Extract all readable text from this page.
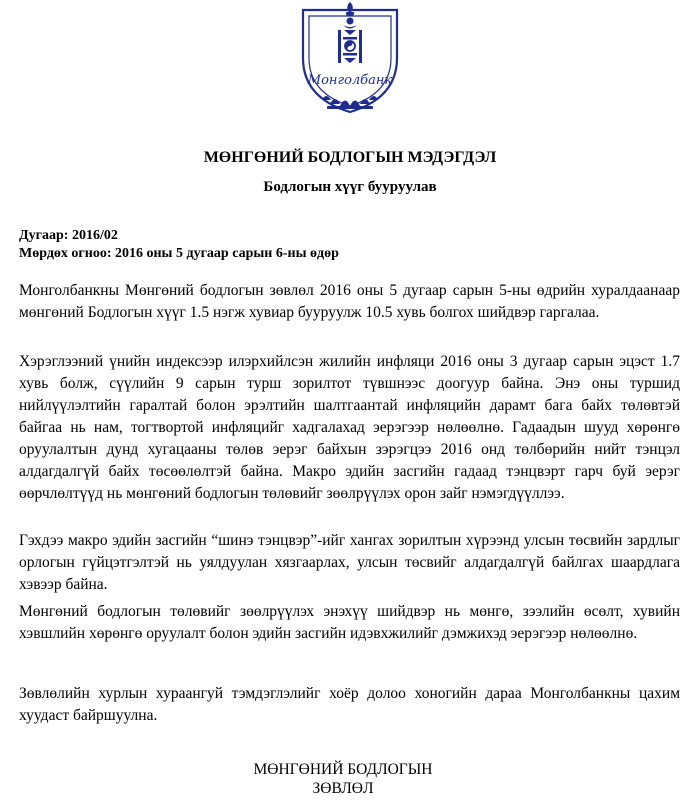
Монголбанк
МӨНГӨНИЙ БОДЛОГЫН МЭДЭГДЭЛ
Бодлогын хүүг бууруулав
Дугаар: 2016/02
Мөрдөх огноо: 2016 оны 5 дугаар сарын 6-ны өдөр

Монголбанкны Мөнгөний бодлогын зөвлөл 2016 оны 5 дугаар сарын 5-ны өдрийн хуралдаанаар мөнгөний Бодлогын хүүг 1.5 нэгж хувиар бууруулж 10.5 хувь болгох шийдвэр гаргалаа.

Хэрэглээний үнийн индексээр илэрхийлсэн жилийн инфляци 2016 оны 3 дугаар сарын эцэст 1.7 хувь болж, сүүлийн 9 сарын турш зорилтот түвшнээс доогуур байна. Энэ оны туршид нийлүүлэлтийн гаралтай болон эрэлтийн шалтгаантай инфляцийн дарамт бага байх төлөвтэй байгаа нь нам, тогтвортой инфляцийг хадгалахад эерэгээр нөлөөлнө. Гадаадын шууд хөрөнгө оруулалтын дунд хугацааны төлөв эерэг байхын зэрэгцээ 2016 онд төлбөрийн нийт тэнцэл алдагдалгүй байх төсөөлөлтэй байна. Макро эдийн засгийн гадаад тэнцвэрт гарч буй эерэг өөрчлөлтүүд нь мөнгөний бодлогын төлөвийг зөөлрүүлэх орон зайг нэмэгдүүллээ.

Гэхдээ макро эдийн засгийн “шинэ тэнцвэр”-ийг хангах зорилтын хүрээнд улсын төсвийн зардлыг орлогын гүйцэтгэлтэй нь уялдуулан хязгаарлах, улсын төсвийг алдагдалгүй байлгах шаардлага хэвээр байна.

Мөнгөний бодлогын төлөвийг зөөлрүүлэх энэхүү шийдвэр нь мөнгө, зээлийн өсөлт, хувийн хэвшлийн хөрөнгө оруулалт болон эдийн засгийн идэвхжилийг дэмжихэд эерэгээр нөлөөлнө.

Зөвлөлийн хурлын хураангуй тэмдэглэлийг хоёр долоо хоногийн дараа Монголбанкны цахим хуудаст байршуулна.

МӨНГӨНИЙ БОДЛОГЫН
ЗӨВЛӨЛ
